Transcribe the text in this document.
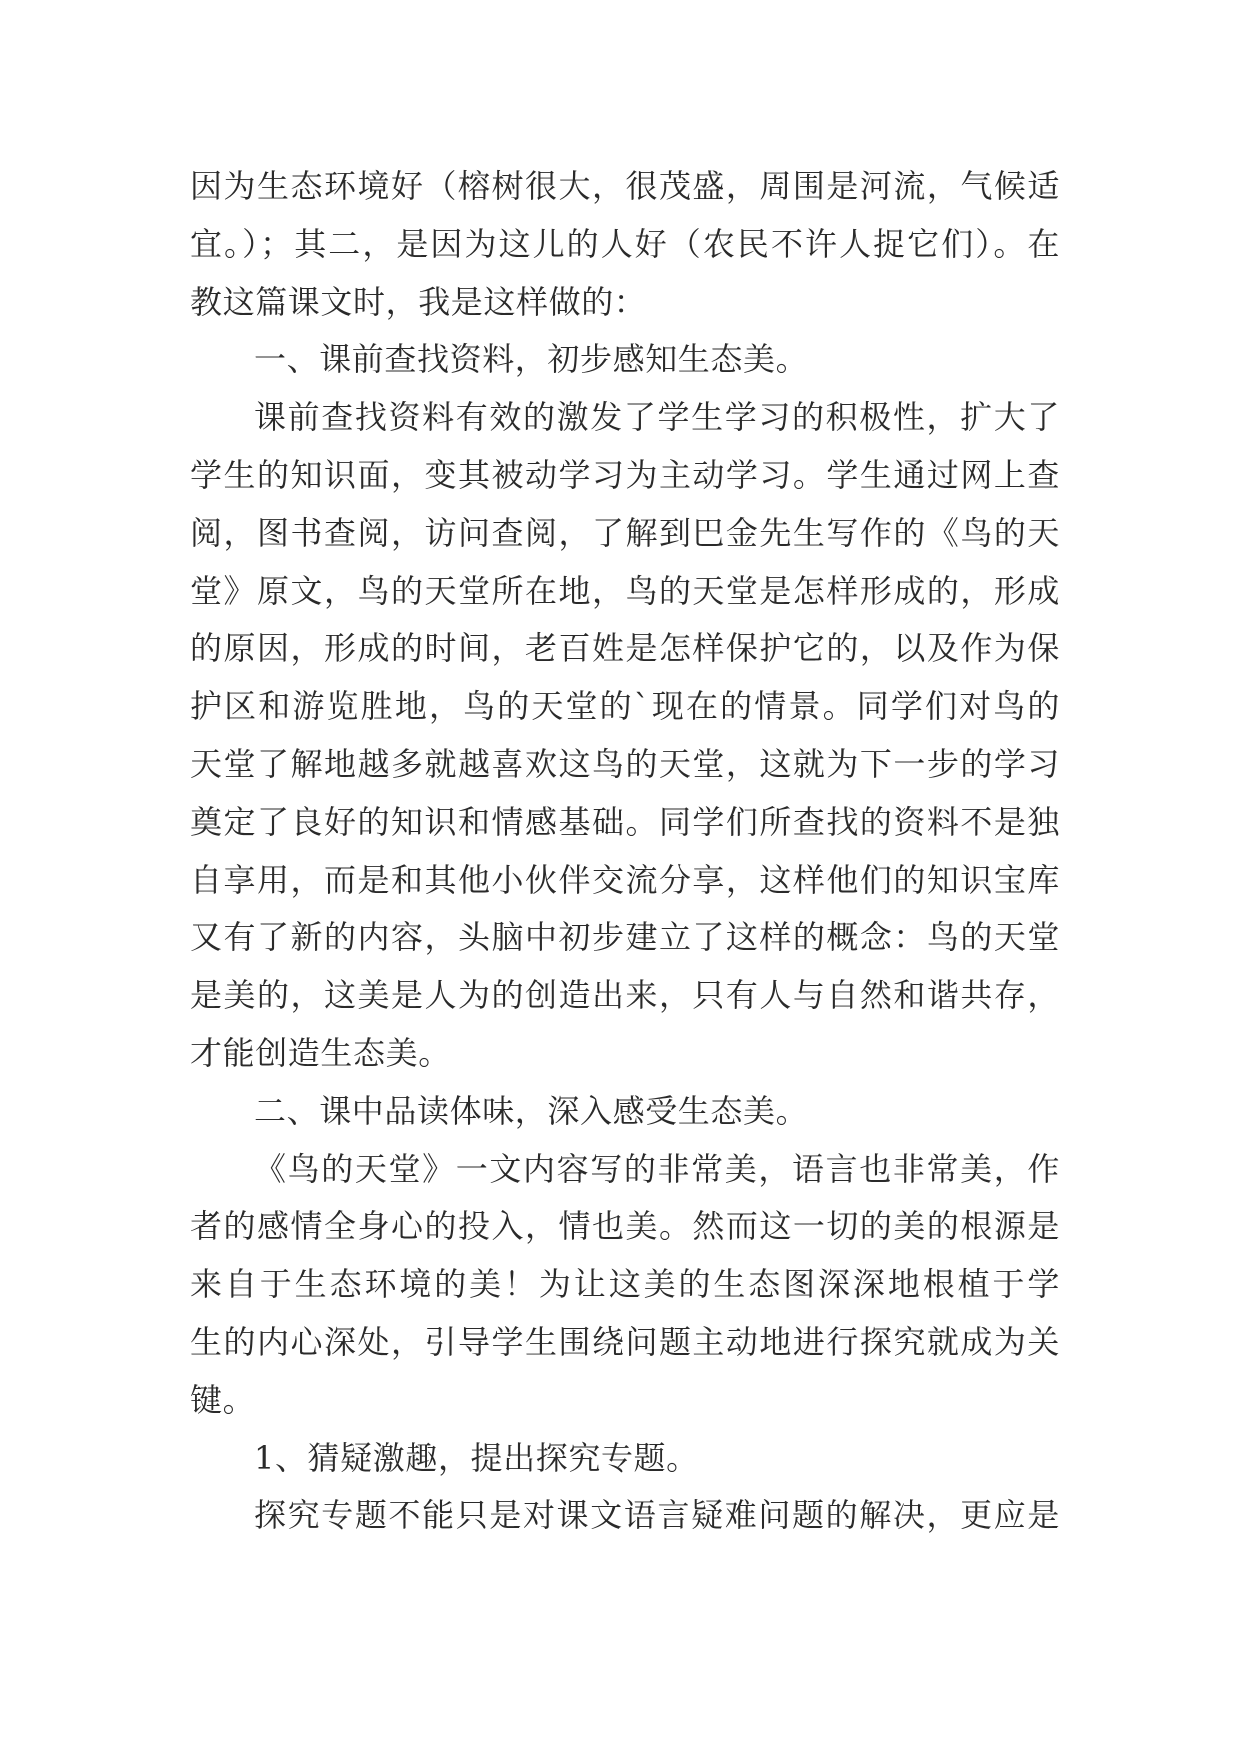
因为生态环境好（榕树很大，很茂盛，周围是河流，气候适
宜。）；其二，是因为这儿的人好（农民不许人捉它们）。在
教这篇课文时，我是这样做的：
一、课前查找资料，初步感知生态美。
课前查找资料有效的激发了学生学习的积极性，扩大了
学生的知识面，变其被动学习为主动学习。学生通过网上查
阅，图书查阅，访问查阅，了解到巴金先生写作的《鸟的天
堂》原文，鸟的天堂所在地，鸟的天堂是怎样形成的，形成
的原因，形成的时间，老百姓是怎样保护它的，以及作为保
护区和游览胜地，鸟的天堂的`现在的情景。同学们对鸟的
天堂了解地越多就越喜欢这鸟的天堂，这就为下一步的学习
奠定了良好的知识和情感基础。同学们所查找的资料不是独
自享用，而是和其他小伙伴交流分享，这样他们的知识宝库
又有了新的内容，头脑中初步建立了这样的概念：鸟的天堂
是美的，这美是人为的创造出来，只有人与自然和谐共存，
才能创造生态美。
二、课中品读体味，深入感受生态美。
《鸟的天堂》一文内容写的非常美，语言也非常美，作
者的感情全身心的投入，情也美。然而这一切的美的根源是
来自于生态环境的美！为让这美的生态图深深地根植于学
生的内心深处，引导学生围绕问题主动地进行探究就成为关
键。
1、猜疑激趣，提出探究专题。
探究专题不能只是对课文语言疑难问题的解决，更应是
